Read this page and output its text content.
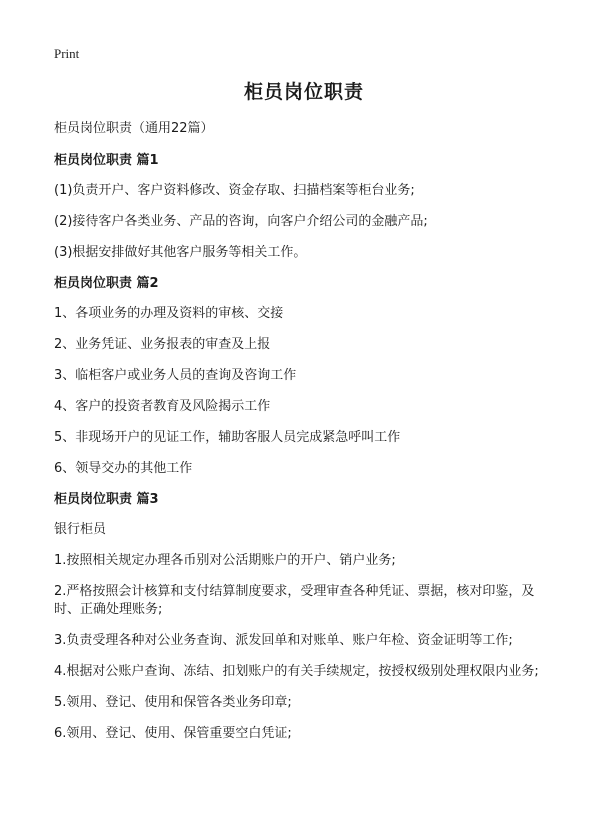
Print
柜员岗位职责
柜员岗位职责（通用22篇）
柜员岗位职责 篇1
(1)负责开户、客户资料修改、资金存取、扫描档案等柜台业务;
(2)接待客户各类业务、产品的咨询，向客户介绍公司的金融产品;
(3)根据安排做好其他客户服务等相关工作。
柜员岗位职责 篇2
1、各项业务的办理及资料的审核、交接
2、业务凭证、业务报表的审查及上报
3、临柜客户或业务人员的查询及咨询工作
4、客户的投资者教育及风险揭示工作
5、非现场开户的见证工作，辅助客服人员完成紧急呼叫工作
6、领导交办的其他工作
柜员岗位职责 篇3
银行柜员
1.按照相关规定办理各币别对公活期账户的开户、销户业务;
2.严格按照会计核算和支付结算制度要求，受理审查各种凭证、票据，核对印鉴，及时、正确处理账务;
3.负责受理各种对公业务查询、派发回单和对账单、账户年检、资金证明等工作;
4.根据对公账户查询、冻结、扣划账户的有关手续规定，按授权级别处理权限内业务;
5.领用、登记、使用和保管各类业务印章;
6.领用、登记、使用、保管重要空白凭证;
